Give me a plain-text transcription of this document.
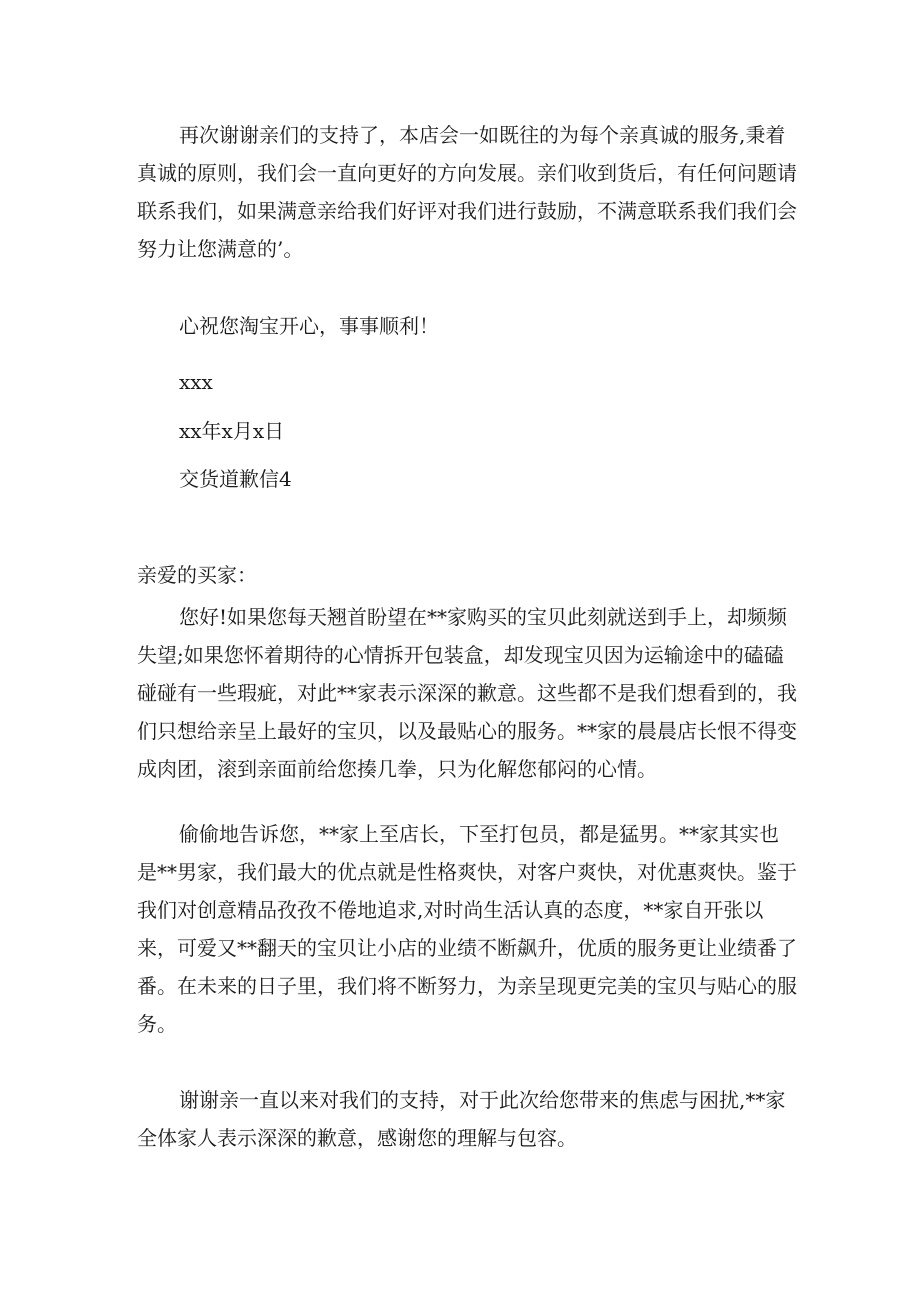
再次谢谢亲们的支持了，本店会一如既往的为每个亲真诚的服务,秉着真诚的原则，我们会一直向更好的方向发展。亲们收到货后，有任何问题请联系我们，如果满意亲给我们好评对我们进行鼓励，不满意联系我们我们会努力让您满意的’。

心祝您淘宝开心，事事顺利！

xxx

xx年x月x日

交货道歉信4

亲爱的买家：

您好!如果您每天翘首盼望在**家购买的宝贝此刻就送到手上，却频频失望;如果您怀着期待的心情拆开包装盒，却发现宝贝因为运输途中的磕磕碰碰有一些瑕疵，对此**家表示深深的歉意。这些都不是我们想看到的，我们只想给亲呈上最好的宝贝，以及最贴心的服务。**家的晨晨店长恨不得变成肉团，滚到亲面前给您揍几拳，只为化解您郁闷的心情。

偷偷地告诉您，**家上至店长，下至打包员，都是猛男。**家其实也是**男家，我们最大的优点就是性格爽快，对客户爽快，对优惠爽快。鉴于我们对创意精品孜孜不倦地追求,对时尚生活认真的态度，**家自开张以来，可爱又**翻天的宝贝让小店的业绩不断飙升，优质的服务更让业绩番了番。在未来的日子里，我们将不断努力，为亲呈现更完美的宝贝与贴心的服务。

谢谢亲一直以来对我们的支持，对于此次给您带来的焦虑与困扰,**家全体家人表示深深的歉意，感谢您的理解与包容。
